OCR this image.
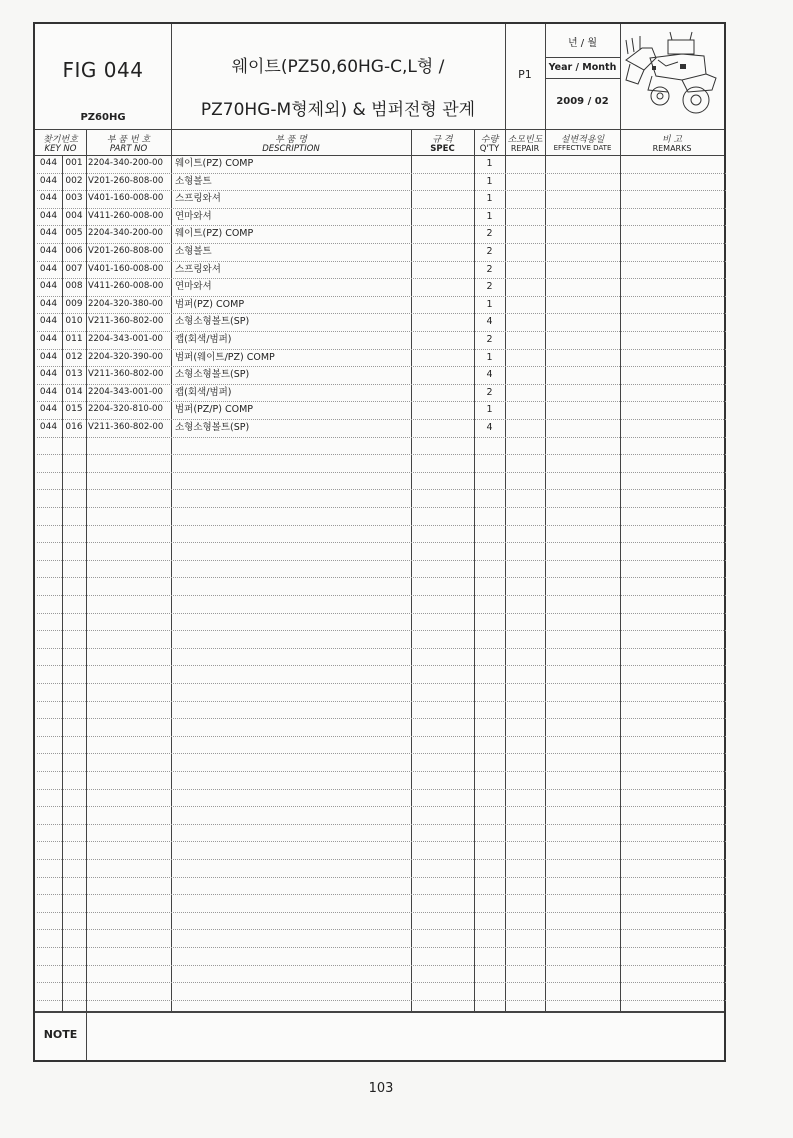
FIG 044
PZ60HG
웨이트(PZ50,60HG-C,L형 /
PZ70HG-M형제외) & 범퍼전형 관계
P1
년 / 월
Year / Month
2009 / 02
찾기번호
KEY NO
부 품 번 호
PART NO
부 품 명
DESCRIPTION
규 격
SPEC
수량
Q'TY
소모빈도
REPAIR
설변적용일
EFFECTIVE DATE
비 고
REMARKS
044 001 2204-340-200-00	웨이트(PZ) COMP	1
044 002 V201-260-808-00	소형볼트	1
044 003 V401-160-008-00	스프링와셔	1
044 004 V411-260-008-00	연마와셔	1
044 005 2204-340-200-00	웨이트(PZ) COMP	2
044 006 V201-260-808-00	소형볼트	2
044 007 V401-160-008-00	스프링와셔	2
044 008 V411-260-008-00	연마와셔	2
044 009 2204-320-380-00	범퍼(PZ) COMP	1
044 010 V211-360-802-00	소형소형볼트(SP)	4
044 011 2204-343-001-00	캡(회색/범퍼)	2
044 012 2204-320-390-00	범퍼(웨이트/PZ) COMP	1
044 013 V211-360-802-00	소형소형볼트(SP)	4
044 014 2204-343-001-00	캡(회색/범퍼)	2
044 015 2204-320-810-00	범퍼(PZ/P) COMP	1
044 016 V211-360-802-00	소형소형볼트(SP)	4
NOTE
103
